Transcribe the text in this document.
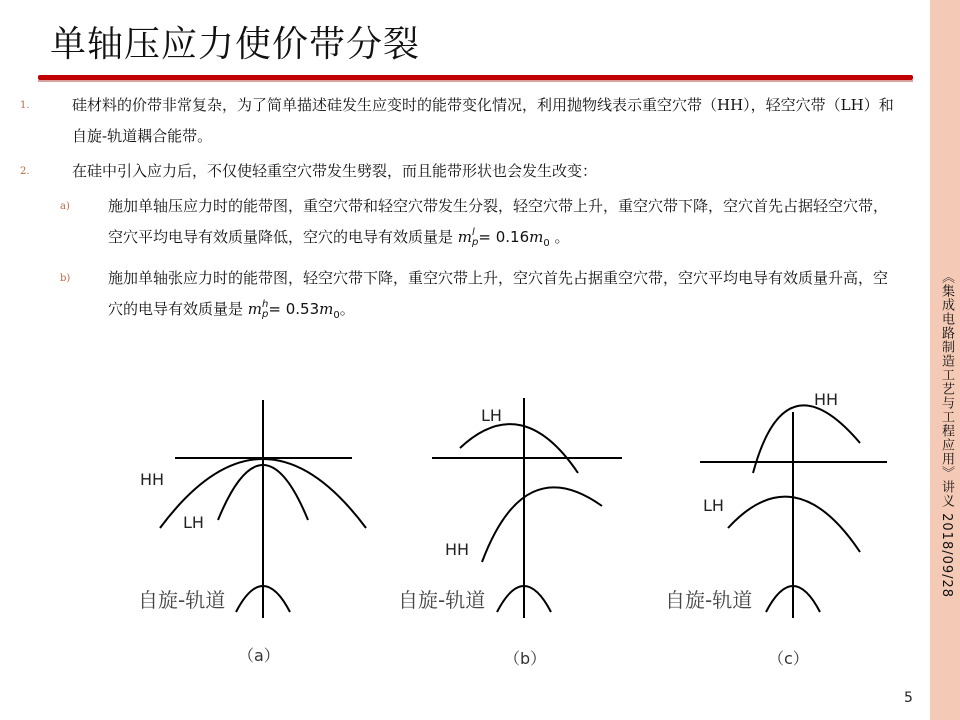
单轴压应力使价带分裂
《集成电路制造工艺与工程应用》讲义 2018/09/28
1.	硅材料的价带非常复杂，为了简单描述硅发生应变时的能带变化情况，利用抛物线表示重空穴带（HH），轻空穴带（LH）和自旋-轨道耦合能带。
2.	在硅中引入应力后，不仅使轻重空穴带发生劈裂，而且能带形状也会发生改变：
a)	施加单轴压应力时的能带图，重空穴带和轻空穴带发生分裂，轻空穴带上升，重空穴带下降，空穴首先占据轻空穴带，空穴平均电导有效质量降低，空穴的电导有效质量是 m l
$p = 0.16m_0$ 。
b)	施加单轴张应力时的能带图，轻空穴带下降，重空穴带上升，空穴首先占据重空穴带，空穴平均电导有效质量升高，空穴的电导有效质量是 m h
$p = 0.53m_0$。
HH
LH
自旋-轨道
（a）
LH
HH
自旋-轨道
（b）
HH
LH
自旋-轨道
（c）
5
